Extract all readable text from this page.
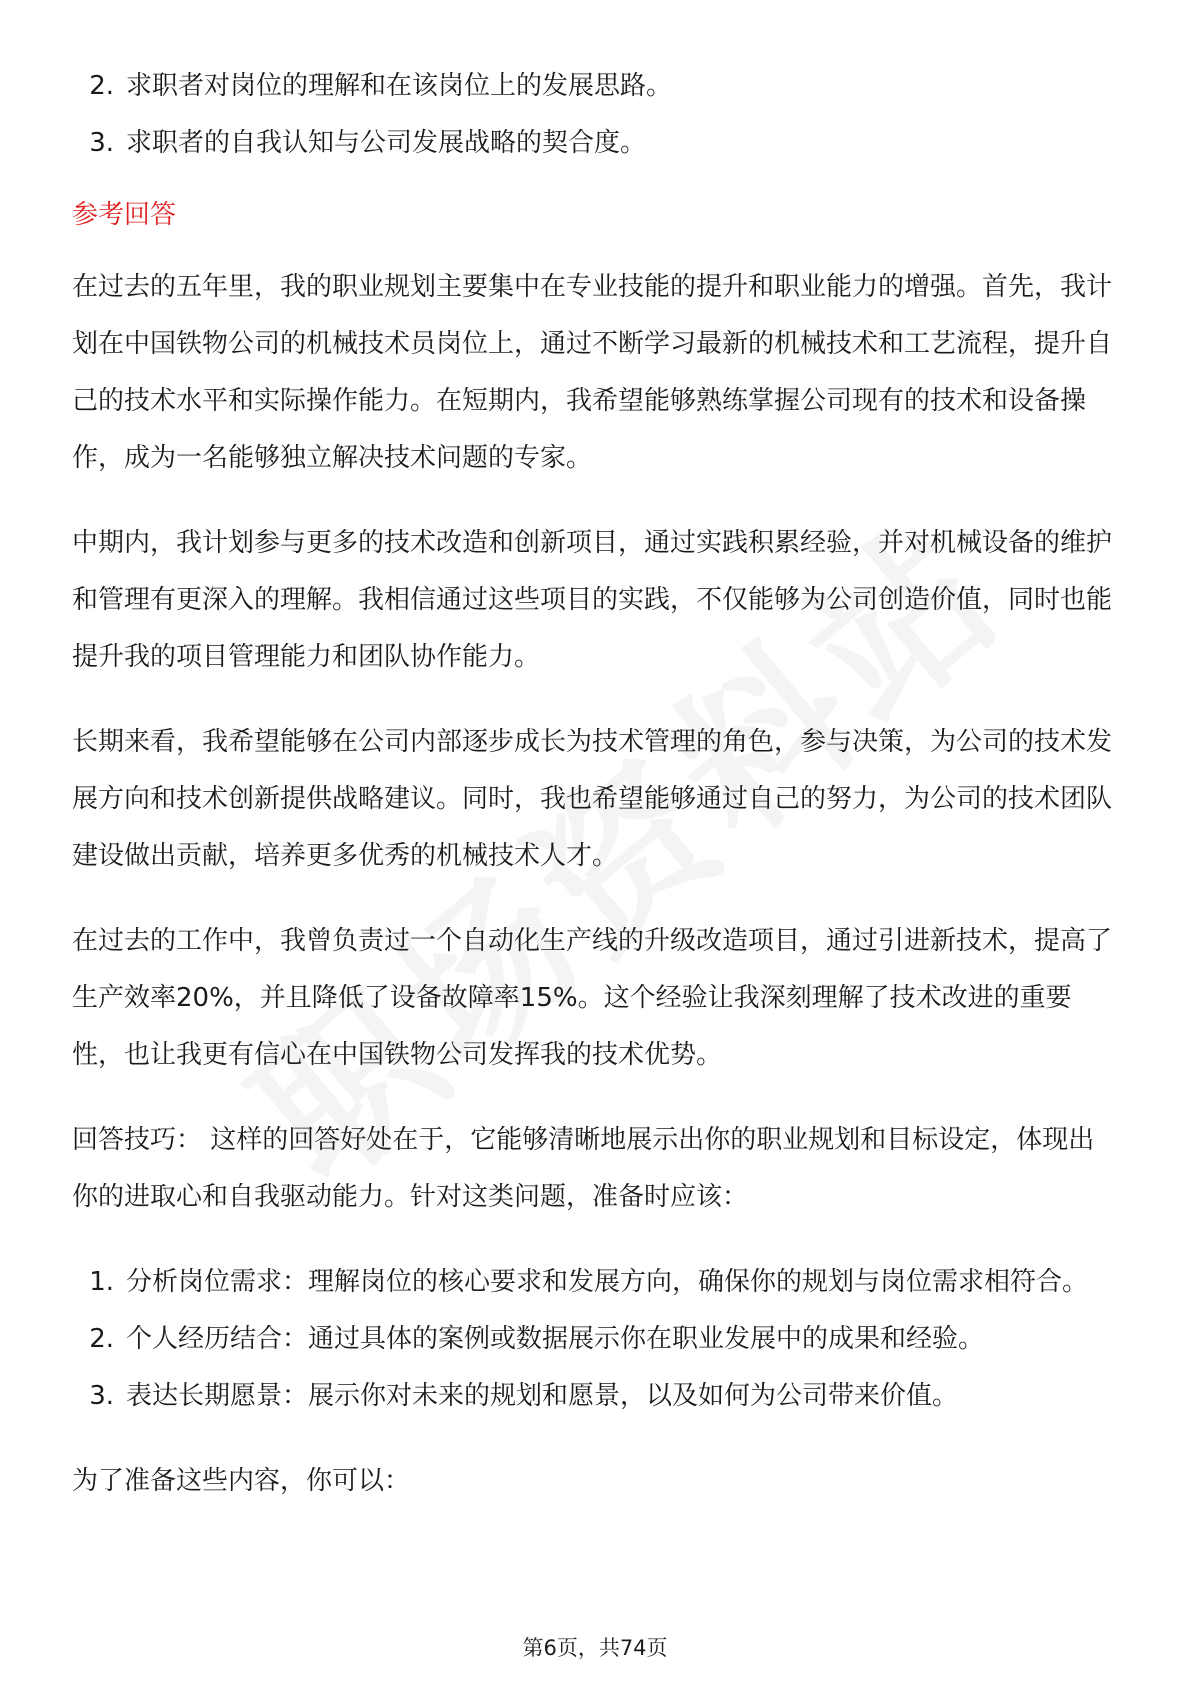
2. 求职者对岗位的理解和在该岗位上的发展思路。
3. 求职者的自我认知与公司发展战略的契合度。
参考回答

在过去的五年里，我的职业规划主要集中在专业技能的提升和职业能力的增强。首先，我计划在中国铁物公司的机械技术员岗位上，通过不断学习最新的机械技术和工艺流程，提升自己的技术水平和实际操作能力。在短期内，我希望能够熟练掌握公司现有的技术和设备操作，成为一名能够独立解决技术问题的专家。

中期内，我计划参与更多的技术改造和创新项目，通过实践积累经验，并对机械设备的维护和管理有更深入的理解。我相信通过这些项目的实践，不仅能够为公司创造价值，同时也能提升我的项目管理能力和团队协作能力。

长期来看，我希望能够在公司内部逐步成长为技术管理的角色，参与决策，为公司的技术发展方向和技术创新提供战略建议。同时，我也希望能够通过自己的努力，为公司的技术团队建设做出贡献，培养更多优秀的机械技术人才。

在过去的工作中，我曾负责过一个自动化生产线的升级改造项目，通过引进新技术，提高了生产效率20%，并且降低了设备故障率15%。这个经验让我深刻理解了技术改进的重要性，也让我更有信心在中国铁物公司发挥我的技术优势。

回答技巧： 这样的回答好处在于，它能够清晰地展示出你的职业规划和目标设定，体现出你的进取心和自我驱动能力。针对这类问题，准备时应该：

1. 分析岗位需求：理解岗位的核心要求和发展方向，确保你的规划与岗位需求相符合。
2. 个人经历结合：通过具体的案例或数据展示你在职业发展中的成果和经验。
3. 表达长期愿景：展示你对未来的规划和愿景，以及如何为公司带来价值。

为了准备这些内容，你可以：

第6页，共74页
